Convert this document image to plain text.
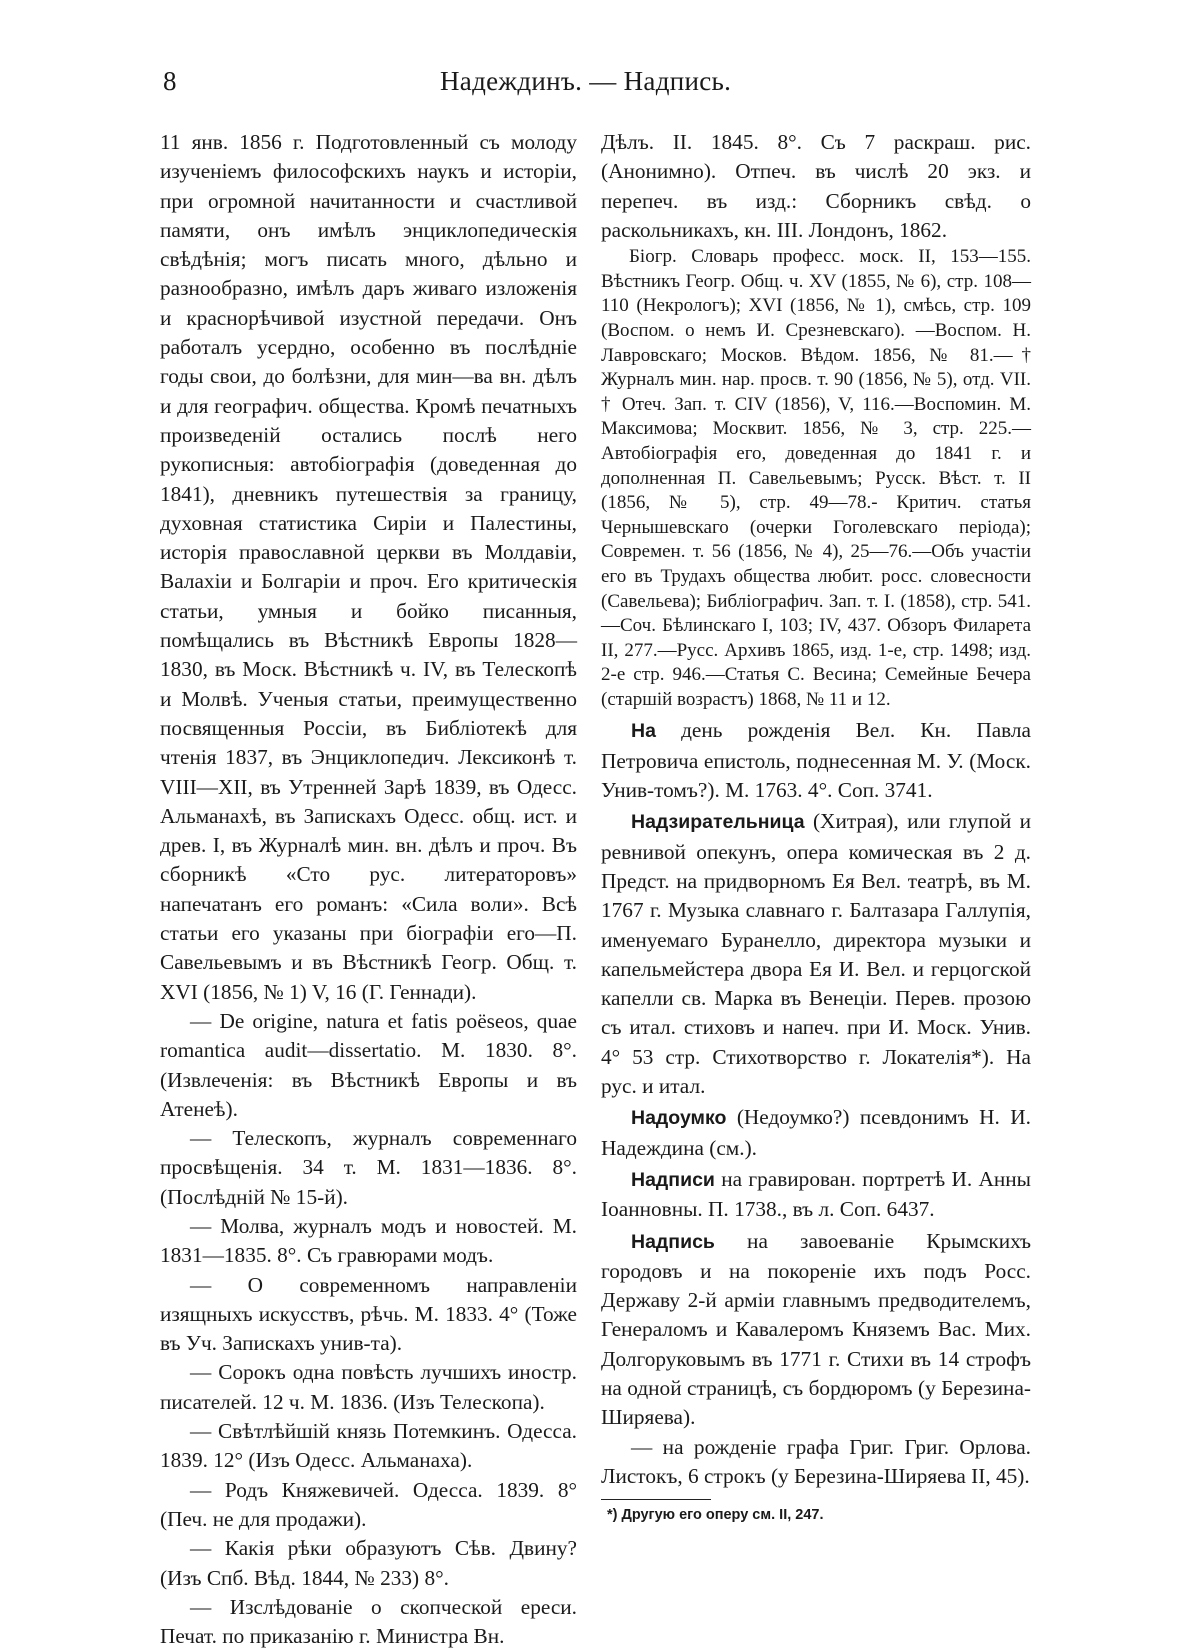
8	Надеждинъ. — Надпись.

11 янв. 1856 г. Подготовленный съ молоду изученіемъ философскихъ наукъ и исторіи, при огромной начитанности и счастливой памяти, онъ имѣлъ энциклопедическія свѣдѣнія; могъ писать много, дѣльно и разнообразно, имѣлъ даръ живаго изложенія и краснорѣчивой изустной передачи. Онъ работалъ усердно, особенно въ послѣдніе годы свои, до болѣзни, для мин—ва вн. дѣлъ и для географич. общества. Кромѣ печатныхъ произведеній остались послѣ него рукописныя: автобіографія (доведенная до 1841), дневникъ путешествія за границу, духовная статистика Сиріи и Палестины, исторія православной церкви въ Молдавіи, Валахіи и Болгаріи и проч. Его критическія статьи, умныя и бойко писанныя, помѣщались въ Вѣстникѣ Европы 1828—1830, въ Моск. Вѣстникѣ ч. IV, въ Телескопѣ и Молвѣ. Ученыя статьи, преимущественно посвященныя Россіи, въ Библіотекѣ для чтенія 1837, въ Энциклопедич. Лексиконѣ т. VIII—XII, въ Утренней Зарѣ 1839, въ Одесс. Альманахѣ, въ Запискахъ Одесс. общ. ист. и древ. I, въ Журналѣ мин. вн. дѣлъ и проч. Въ сборникѣ «Сто рус. литераторовъ» напечатанъ его романъ: «Сила воли». Всѣ статьи его указаны при біографіи его—П. Савельевымъ и въ Вѣстникѣ Геогр. Общ. т. XVI (1856, № 1) V, 16 (Г. Геннади).

— De origine, natura et fatis poëseos, quae romantica audit—dissertatio. M. 1830. 8°. (Извлеченія: въ Вѣстникѣ Европы и въ Атенеѣ).

— Телескопъ, журналъ современнаго просвѣщенія. 34 т. М. 1831—1836. 8°. (Послѣдній № 15-й).

— Молва, журналъ модъ и новостей. М. 1831—1835. 8°. Съ гравюрами модъ.

— О современномъ направленіи изящныхъ искусствъ, рѣчь. М. 1833. 4° (Тоже въ Уч. Запискахъ унив-та).

— Сорокъ одна повѣсть лучшихъ иностр. писателей. 12 ч. М. 1836. (Изъ Телескопа).

— Свѣтлѣйшій князь Потемкинъ. Одесса. 1839. 12° (Изъ Одесс. Альманаха).

— Родъ Княжевичей. Одесса. 1839. 8° (Печ. не для продажи).

— Какія рѣки образуютъ Сѣв. Двину? (Изъ Спб. Вѣд. 1844, № 233) 8°.

— Изслѣдованіе о скопческой ереси. Печат. по приказанію г. Министра Вн.

Дѣлъ. II. 1845. 8°. Съ 7 раскраш. рис. (Анонимно). Отпеч. въ числѣ 20 экз. и перепеч. въ изд.: Сборникъ свѣд. о раскольникахъ, кн. III. Лондонъ, 1862.

Біогр. Словарь професс. моск. II, 153—155. Вѣстникъ Геогр. Общ. ч. XV (1855, № 6), стр. 108—110 (Некрологъ); XVI (1856, № 1), смѣсь, стр. 109 (Воспом. о немъ И. Срезневскаго). —Воспом. Н. Лавровскаго; Москов. Вѣдом. 1856, № 81.—† Журналъ мин. нар. просв. т. 90 (1856, № 5), отд. VII. † Отеч. Зап. т. CIV (1856), V, 116.—Воспомин. М. Максимова; Москвит. 1856, № 3, стр. 225.—Автобіографія его, доведенная до 1841 г. и дополненная П. Савельевымъ; Русск. Вѣст. т. II (1856, № 5), стр. 49—78.- Критич. статья Чернышевскаго (очерки Гоголевскаго періода); Современ. т. 56 (1856, № 4), 25—76.—Объ участіи его въ Трудахъ общества любит. росс. словесности (Савельева); Библіографич. Зап. т. I. (1858), стр. 541.—Соч. Бѣлинскаго I, 103; IV, 437. Обзоръ Филарета II, 277.—Русс. Архивъ 1865, изд. 1-е, стр. 1498; изд. 2-е стр. 946.—Статья С. Весина; Семейные Бечера (старшій возрастъ) 1868, № 11 и 12.

На день рожденія Вел. Кн. Павла Петровича епистоль, поднесенная М. У. (Моск. Унив-томъ?). М. 1763. 4°. Соп. 3741.

Надзирательница (Хитрая), или глупой и ревнивой опекунъ, опера комическая въ 2 д. Предст. на придворномъ Ея Вел. театрѣ, въ М. 1767 г. Музыка славнаго г. Балтазара Галлупія, именуемаго Буранелло, директора музыки и капельмейстера двора Ея И. Вел. и герцогской капелли св. Марка въ Венеціи. Перев. прозою съ итал. стиховъ и напеч. при И. Моск. Унив. 4° 53 стр. Стихотворство г. Локателія*). На рус. и итал.

Надоумко (Недоумко?) псевдонимъ Н. И. Надеждина (см.).

Надписи на гравирован. портретѣ И. Анны Іоанновны. П. 1738., въ л. Соп. 6437.

Надпись на завоеваніе Крымскихъ городовъ и на покореніе ихъ подъ Росс. Державу 2-й арміи главнымъ предводителемъ, Генераломъ и Кавалеромъ Княземъ Вас. Мих. Долгоруковымъ въ 1771 г. Стихи въ 14 строфъ на одной страницѣ, съ бордюромъ (у Березина-Ширяева).

— на рожденіе графа Григ. Григ. Орлова. Листокъ, 6 строкъ (у Березина-Ширяева II, 45).

*) Другую его оперу см. II, 247.
